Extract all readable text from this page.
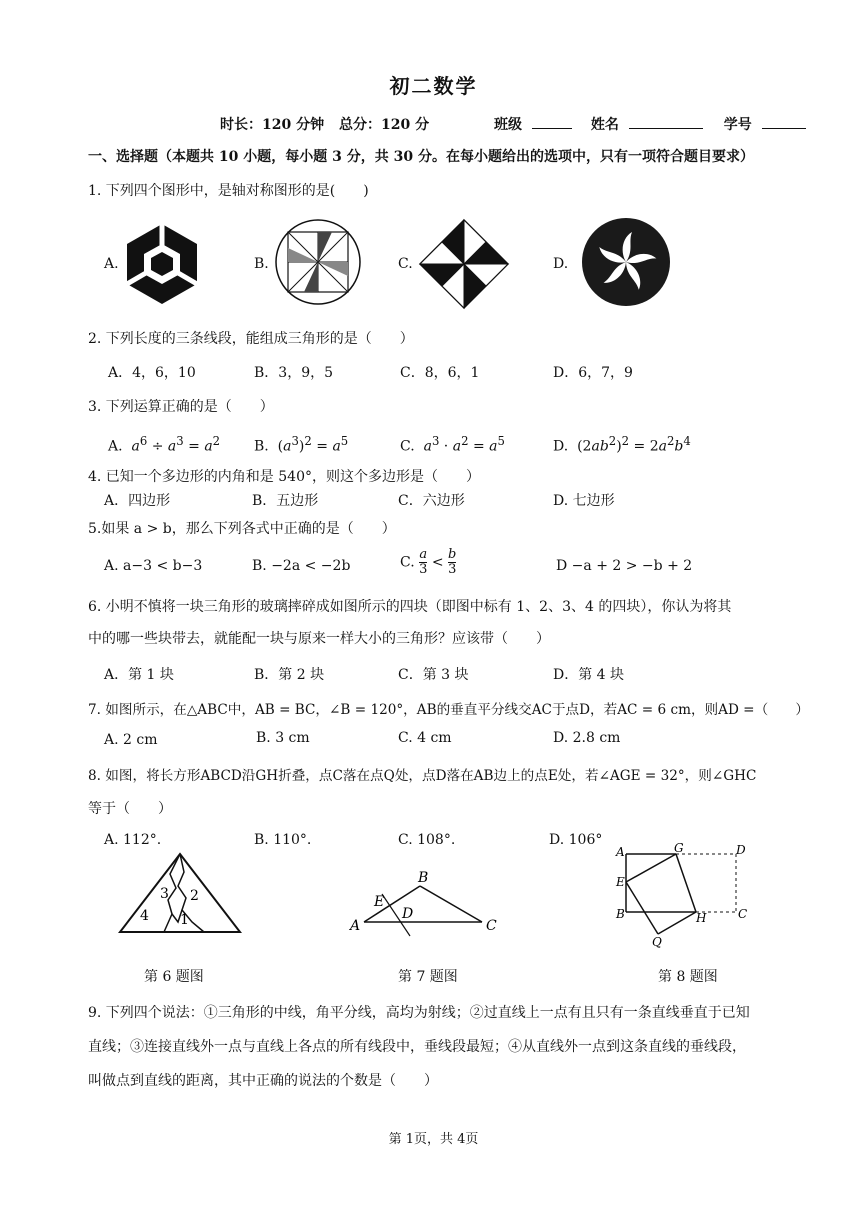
初二数学
时长：120 分钟 总分：120 分	班级	姓名	学号
一、选择题（本题共 10 小题，每小题 3 分，共 30 分。在每小题给出的选项中，只有一项符合题目要求）
1. 下列四个图形中，是轴对称图形的是(　　)
A.	B.	C.	D.
2. 下列长度的三条线段，能组成三角形的是（　　）
A．4，6，10	B．3，9，5	C．8，6，1	D．6，7，9
3. 下列运算正确的是（　　）
A. $a^6 \div a^3 = a^2$ B.  $(a^3)^2 = a^5$	C. $a^3 \cdot a^2 = a^5$	D.  $(2ab^2)^2 = 2a^2b^4$
4. 已知一个多边形的内角和是 540°，则这个多边形是（　　）
A．四边形	B．五边形	C．六边形	D. 七边形
5.如果 a > b，那么下列各式中正确的是（　　）
A. a−3 < b−3	B. −2a < −2b	C. $\frac{a}{3} < \frac{b}{3}$	D −a + 2 > −b + 2
6. 小明不慎将一块三角形的玻璃摔碎成如图所示的四块（即图中标有 1、2、3、4 的四块），你认为将其
中的哪一些块带去，就能配一块与原来一样大小的三角形？应该带（　　）
A．第 1 块	B．第 2 块	C．第 3 块	D．第 4 块
7. 如图所示，在△ABC中，AB = BC，∠B = 120°，AB的垂直平分线交AC于点D，若AC = 6 cm，则AD =（　　）
A. 2 cm	B. 3 cm	C. 4 cm	D. 2.8 cm
8. 如图，将长方形ABCD沿GH折叠，点C落在点Q处，点D落在AB边上的点E处，若∠AGE = 32°，则∠GHC
等于（　　）
A. 112°.	B. 110°.	C. 108°.	D. 106°
4
3 2
1
第 6 题图
A
B
C
D
E
第 7 题图
A
B	C
D
E
G
H
Q
第 8 题图
9. 下列四个说法：①三角形的中线，角平分线，高均为射线；②过直线上一点有且只有一条直线垂直于已知
直线；③连接直线外一点与直线上各点的所有线段中，垂线段最短；④从直线外一点到这条直线的垂线段，
叫做点到直线的距离，其中正确的说法的个数是（　　）
第 1页，共 4页
